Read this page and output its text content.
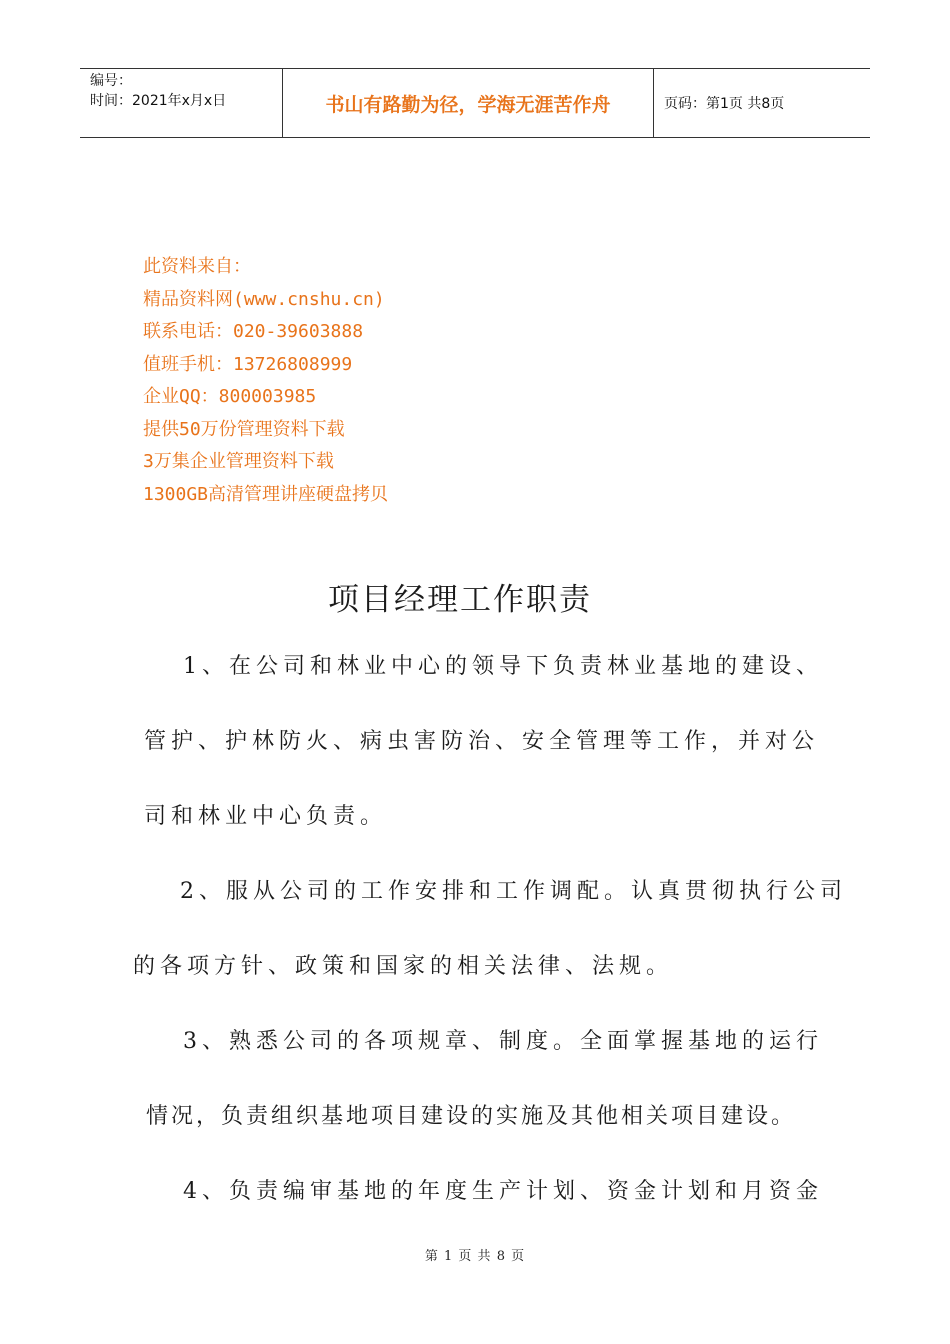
编号：
时间：2021年x月x日	书山有路勤为径，学海无涯苦作舟	页码：第1页 共8页
此资料来自：
精品资料网(www.cnshu.cn)
联系电话：020-39603888
值班手机：13726808999
企业QQ：800003985
提供50万份管理资料下载
3万集企业管理资料下载
1300GB高清管理讲座硬盘拷贝
项目经理工作职责
1、在公司和林业中心的领导下负责林业基地的建设、
管护、护林防火、病虫害防治、安全管理等工作，并对公
司和林业中心负责。
2、服从公司的工作安排和工作调配。认真贯彻执行公司
的各项方针、政策和国家的相关法律、法规。
3、熟悉公司的各项规章、制度。全面掌握基地的运行
情况，负责组织基地项目建设的实施及其他相关项目建设。
4、负责编审基地的年度生产计划、资金计划和月资金
第 1 页 共 8 页
